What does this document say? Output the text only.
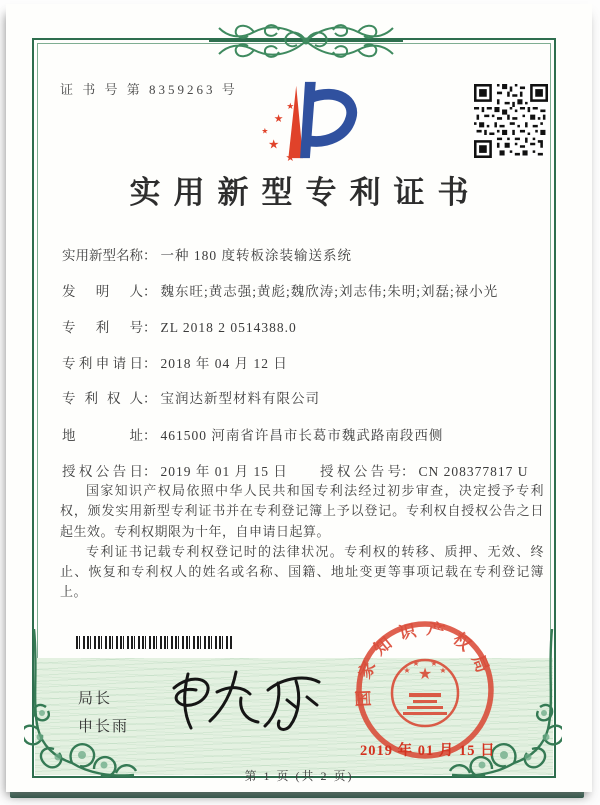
证 书 号 第 8359263 号
★
★
★
★
★
实用新型专利证书
实用新型名称： 一种 180 度转板涂装输送系统
发明人： 魏东旺;黄志强;黄彪;魏欣涛;刘志伟;朱明;刘磊;禄小光
专利号： ZL 2018 2 0514388.0
专利申请日： 2018 年 04 月 12 日
专利权人： 宝润达新型材料有限公司
地址： 461500 河南省许昌市长葛市魏武路南段西侧
授权公告日： 2019 年 01 月 15 日 授权公告号： CN 208377817 U

国家知识产权局依照中华人民共和国专利法经过初步审查，决定授予专利权，颁发实用新型专利证书并在专利登记簿上予以登记。专利权自授权公告之日起生效。专利权期限为十年，自申请日起算。

专利证书记载专利权登记时的法律状况。专利权的转移、质押、无效、终止、恢复和专利权人的姓名或名称、国籍、地址变更等事项记载在专利登记簿上。

局长
申长雨
★
★
★ ★
★
国家知识产权局
2019 年 01 月 15 日
第 1 页 (共 2 页)
